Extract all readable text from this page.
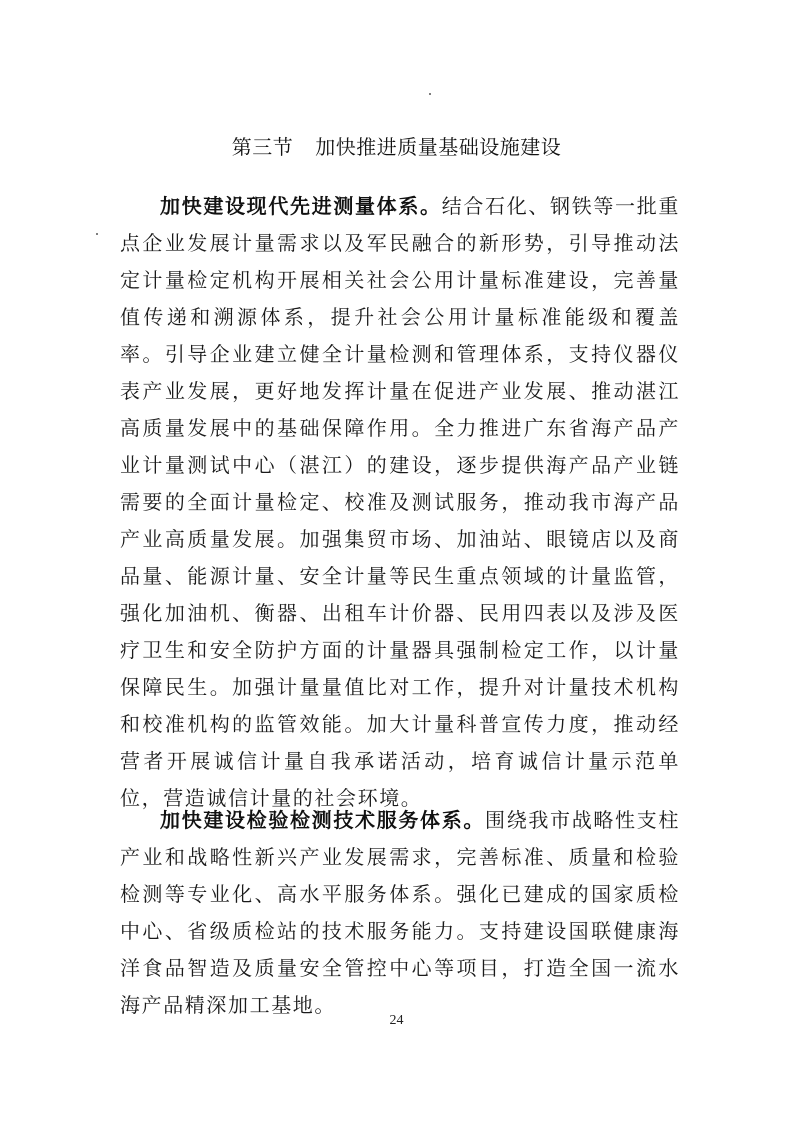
第三节 加快推进质量基础设施建设

加快建设现代先进测量体系。结合石化、钢铁等一批重点企业发展计量需求以及军民融合的新形势，引导推动法定计量检定机构开展相关社会公用计量标准建设，完善量值传递和溯源体系，提升社会公用计量标准能级和覆盖率。引导企业建立健全计量检测和管理体系，支持仪器仪表产业发展，更好地发挥计量在促进产业发展、推动湛江高质量发展中的基础保障作用。全力推进广东省海产品产业计量测试中心（湛江）的建设，逐步提供海产品产业链需要的全面计量检定、校准及测试服务，推动我市海产品产业高质量发展。加强集贸市场、加油站、眼镜店以及商品量、能源计量、安全计量等民生重点领域的计量监管，强化加油机、衡器、出租车计价器、民用四表以及涉及医疗卫生和安全防护方面的计量器具强制检定工作，以计量保障民生。加强计量量值比对工作，提升对计量技术机构和校准机构的监管效能。加大计量科普宣传力度，推动经营者开展诚信计量自我承诺活动，培育诚信计量示范单位，营造诚信计量的社会环境。

加快建设检验检测技术服务体系。围绕我市战略性支柱产业和战略性新兴产业发展需求，完善标准、质量和检验检测等专业化、高水平服务体系。强化已建成的国家质检中心、省级质检站的技术服务能力。支持建设国联健康海洋食品智造及质量安全管控中心等项目，打造全国一流水海产品精深加工基地。

24
